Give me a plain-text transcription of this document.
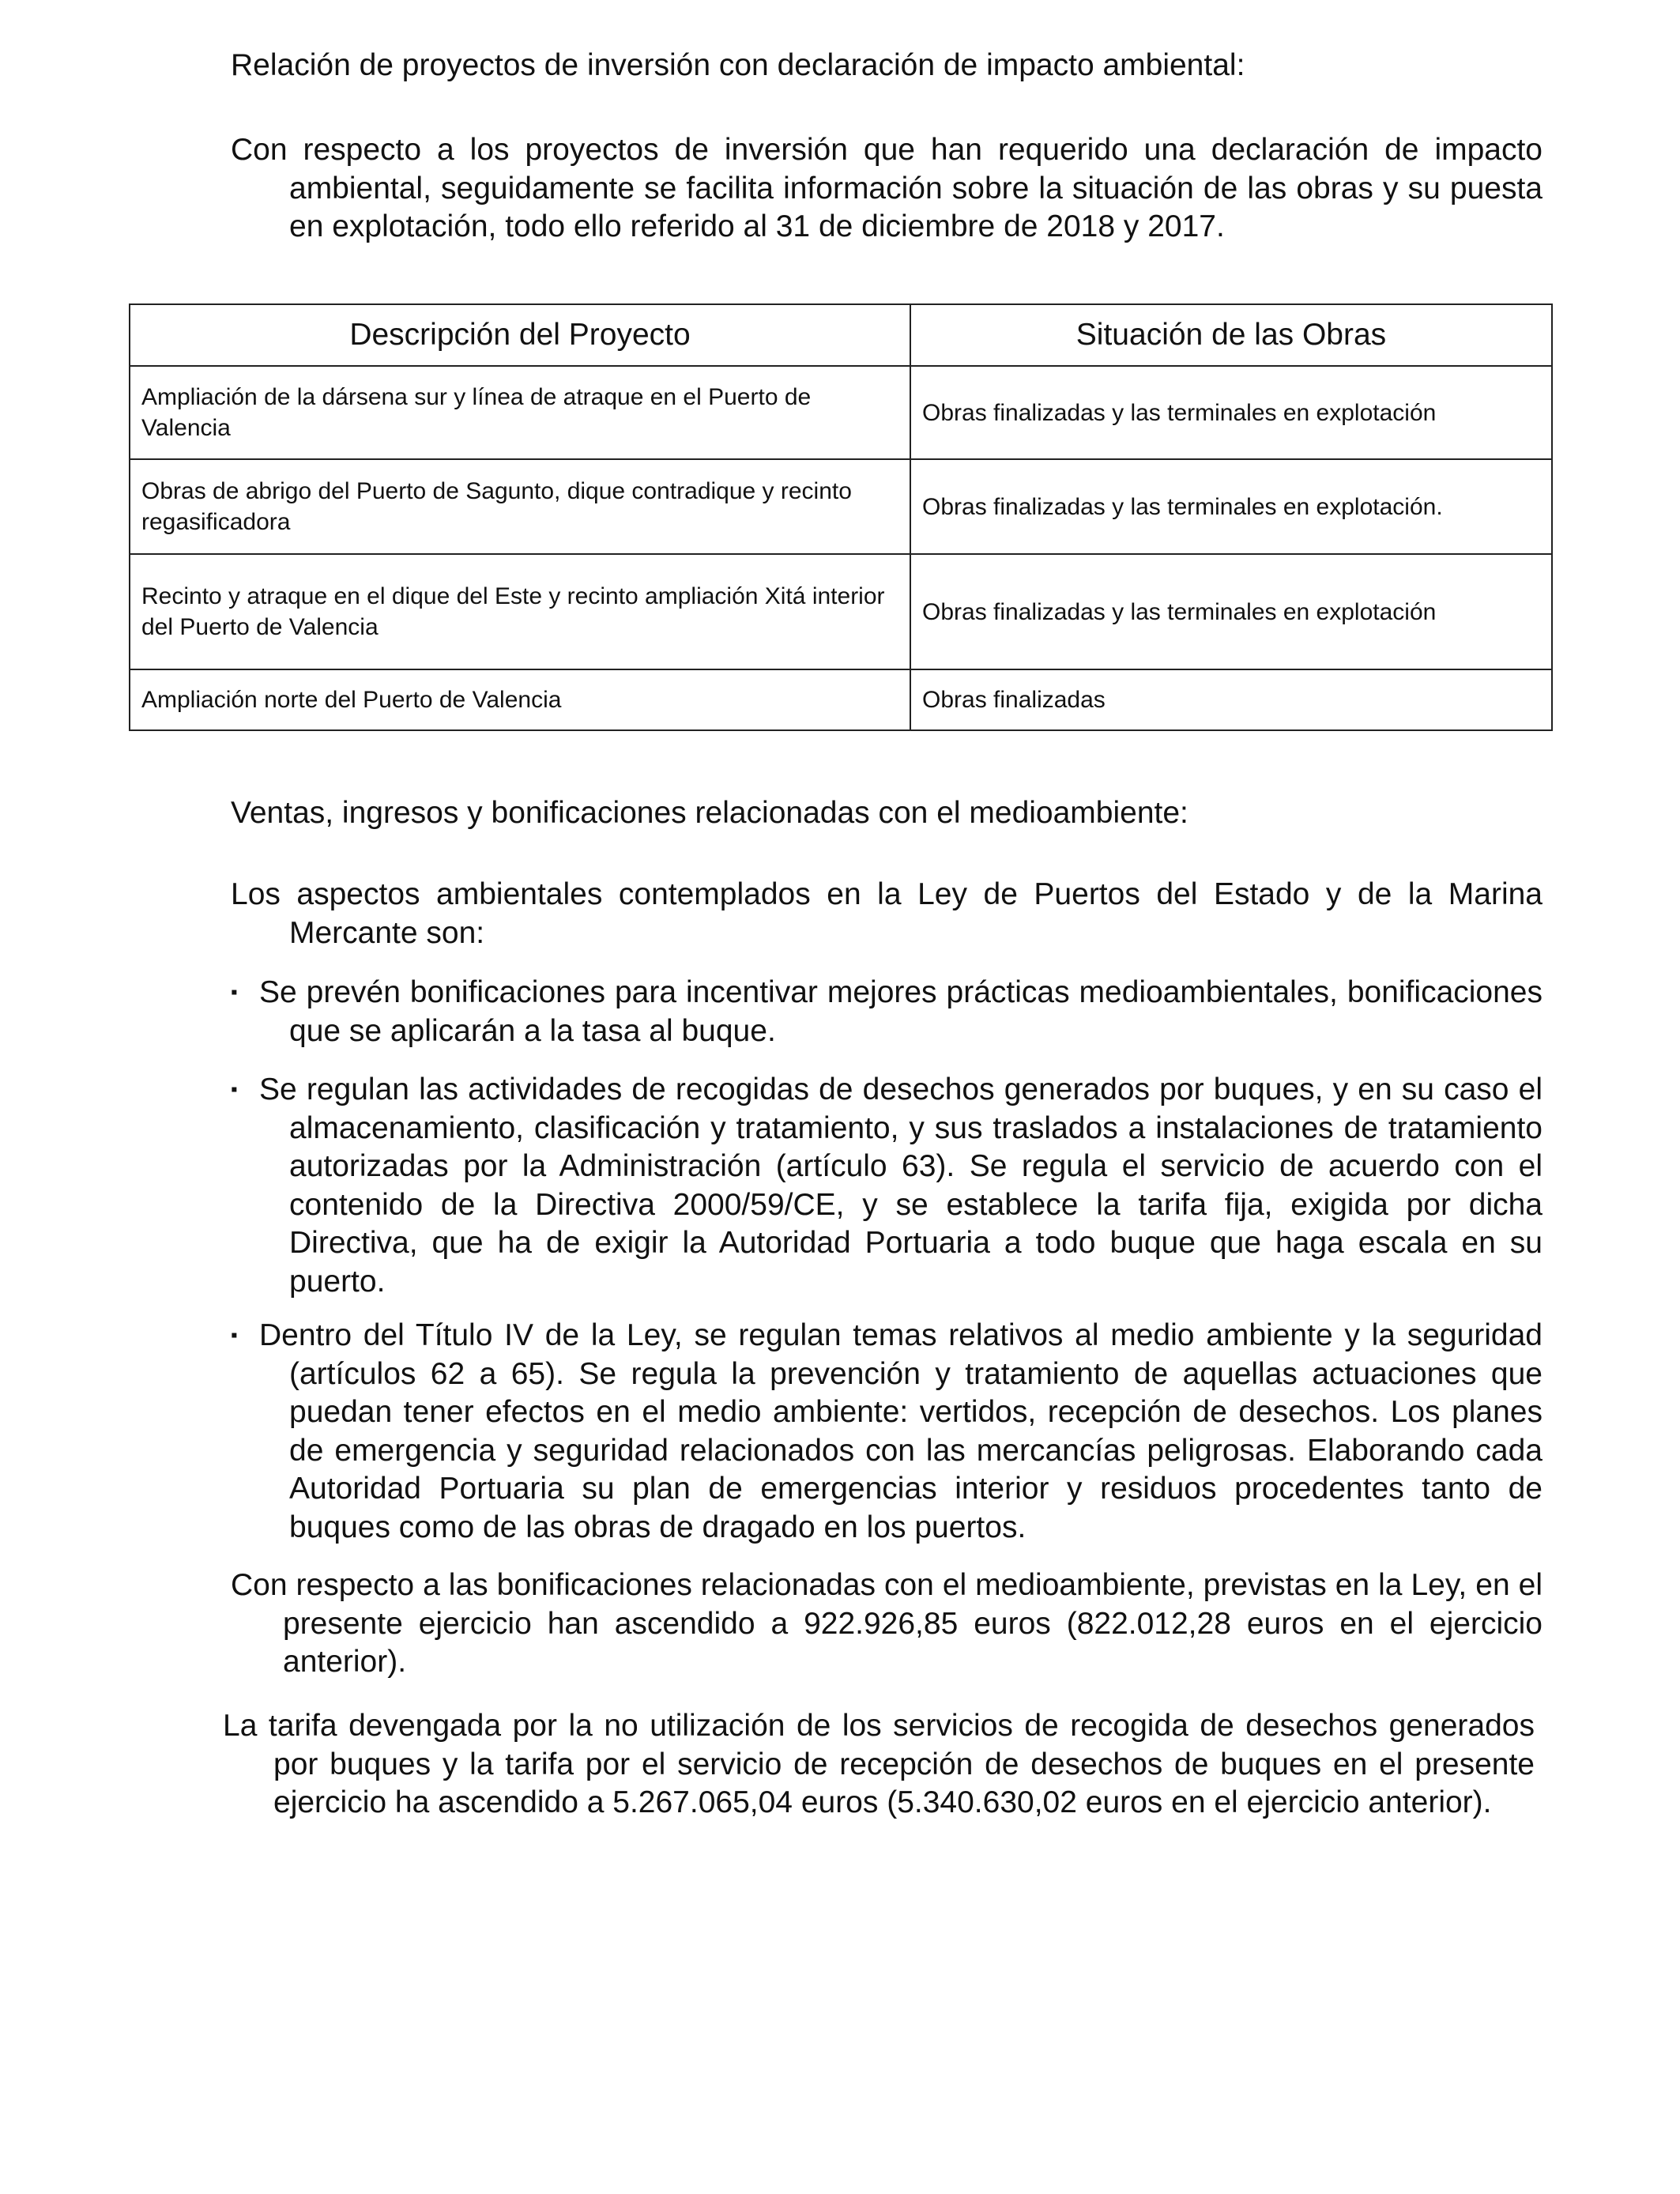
Relación de proyectos de inversión con declaración de impacto ambiental:

Con respecto a los proyectos de inversión que han requerido una declaración de impacto ambiental, seguidamente se facilita información sobre la situación de las obras y su puesta en explotación, todo ello referido al 31 de diciembre de 2018 y 2017.

Descripción del Proyecto	Situación de las Obras
Ampliación de la dársena sur y línea de atraque en el Puerto de Valencia	Obras finalizadas y las terminales en explotación
Obras de abrigo del Puerto de Sagunto, dique contradique y recinto regasificadora	Obras finalizadas y las terminales en explotación.
Recinto y atraque en el dique del Este y recinto ampliación Xitá interior del Puerto de Valencia	Obras finalizadas y las terminales en explotación
Ampliación norte del Puerto de Valencia	Obras finalizadas
Ventas, ingresos y bonificaciones relacionadas con el medioambiente:

Los aspectos ambientales contemplados en la Ley de Puertos del Estado y de la Marina Mercante son:

▪ Se prevén bonificaciones para incentivar mejores prácticas medioambientales, bonificaciones que se aplicarán a la tasa al buque.
▪ Se regulan las actividades de recogidas de desechos generados por buques, y en su caso el almacenamiento, clasificación y tratamiento, y sus traslados a instalaciones de tratamiento autorizadas por la Administración (artículo 63). Se regula el servicio de acuerdo con el contenido de la Directiva 2000/59/CE, y se establece la tarifa fija, exigida por dicha Directiva, que ha de exigir la Autoridad Portuaria a todo buque que haga escala en su puerto.
▪ Dentro del Título IV de la Ley, se regulan temas relativos al medio ambiente y la seguridad (artículos 62 a 65). Se regula la prevención y tratamiento de aquellas actuaciones que puedan tener efectos en el medio ambiente: vertidos, recepción de desechos. Los planes de emergencia y seguridad relacionados con las mercancías peligrosas. Elaborando cada Autoridad Portuaria su plan de emergencias interior y residuos procedentes tanto de buques como de las obras de dragado en los puertos.

Con respecto a las bonificaciones relacionadas con el medioambiente, previstas en la Ley, en el presente ejercicio han ascendido a 922.926,85 euros (822.012,28 euros en el ejercicio anterior).

La tarifa devengada por la no utilización de los servicios de recogida de desechos generados por buques y la tarifa por el servicio de recepción de desechos de buques en el presente ejercicio ha ascendido a 5.267.065,04 euros (5.340.630,02 euros en el ejercicio anterior).
